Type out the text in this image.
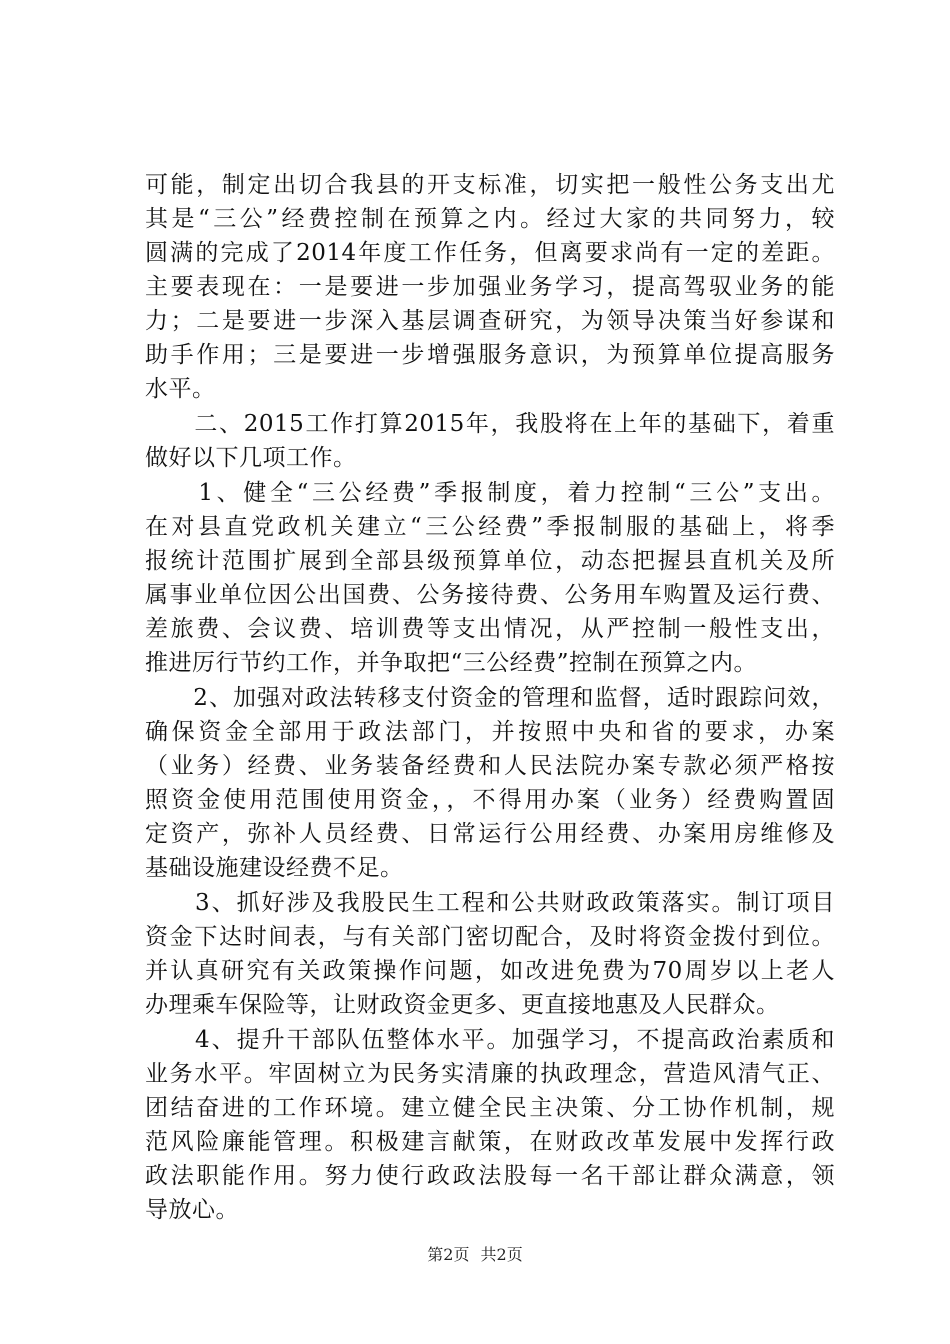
可能，制定出切合我县的开支标准，切实把一般性公务支出尤
其是“三公”经费控制在预算之内。经过大家的共同努力，较
圆满的完成了2014年度工作任务，但离要求尚有一定的差距。
主要表现在：一是要进一步加强业务学习，提高驾驭业务的能
力；二是要进一步深入基层调查研究，为领导决策当好参谋和
助手作用；三是要进一步增强服务意识，为预算单位提高服务
水平。
　　二、2015工作打算2015年，我股将在上年的基础下，着重
做好以下几项工作。
　　1、健全“三公经费”季报制度，着力控制“三公”支出。
在对县直党政机关建立“三公经费”季报制服的基础上，将季
报统计范围扩展到全部县级预算单位，动态把握县直机关及所
属事业单位因公出国费、公务接待费、公务用车购置及运行费、
差旅费、会议费、培训费等支出情况，从严控制一般性支出，
推进厉行节约工作，并争取把“三公经费”控制在预算之内。
　　2、加强对政法转移支付资金的管理和监督，适时跟踪问效，
确保资金全部用于政法部门，并按照中央和省的要求，办案
（业务）经费、业务装备经费和人民法院办案专款必须严格按
照资金使用范围使用资金，，不得用办案（业务）经费购置固
定资产，弥补人员经费、日常运行公用经费、办案用房维修及
基础设施建设经费不足。
　　3、抓好涉及我股民生工程和公共财政政策落实。制订项目
资金下达时间表，与有关部门密切配合，及时将资金拨付到位。
并认真研究有关政策操作问题，如改进免费为70周岁以上老人
办理乘车保险等，让财政资金更多、更直接地惠及人民群众。
　　4、提升干部队伍整体水平。加强学习，不提高政治素质和
业务水平。牢固树立为民务实清廉的执政理念，营造风清气正、
团结奋进的工作环境。建立健全民主决策、分工协作机制，规
范风险廉能管理。积极建言献策，在财政改革发展中发挥行政
政法职能作用。努力使行政政法股每一名干部让群众满意，领
导放心。
第2页 共2页
